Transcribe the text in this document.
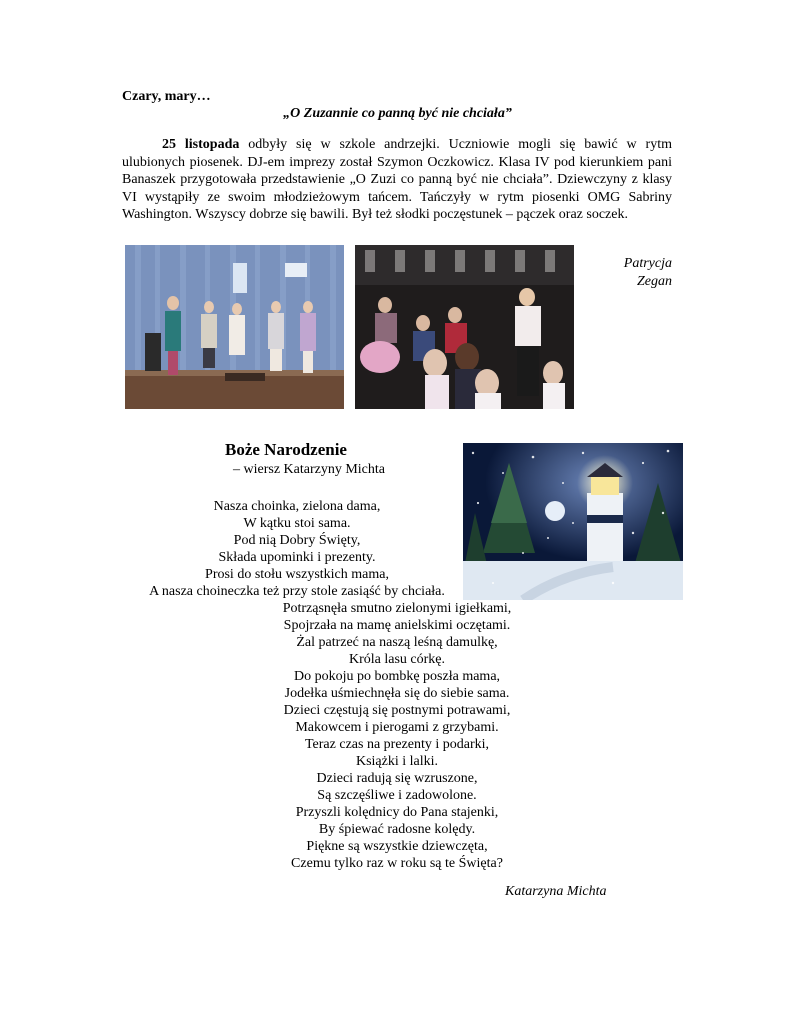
Czary, mary…
„O Zuzannie co panną być nie chciała”
25 listopada odbyły się w szkole andrzejki. Uczniowie mogli się bawić w rytm ulubionych piosenek. DJ-em imprezy został Szymon Oczkowicz. Klasa IV pod kierunkiem pani Banaszek przygotowała przedstawienie „O Zuzi co panną być nie chciała”. Dziewczyny z klasy VI wystąpiły ze swoim młodzieżowym tańcem. Tańczyły w rytm piosenki OMG Sabriny Washington. Wszyscy dobrze się bawili. Był też słodki poczęstunek – pączek oraz soczek.
Patrycja
Zegan
Boże Narodzenie
– wiersz Katarzyny Michta
Nasza choinka, zielona dama,
W kątku stoi sama.
Pod nią Dobry Święty,
Składa upominki i prezenty.
Prosi do stołu wszystkich mama,
A nasza choineczka też przy stole zasiąść by chciała.
Potrząsnęła smutno zielonymi igiełkami,
Spojrzała na mamę anielskimi oczętami.
Żal patrzeć na naszą leśną damulkę,
Króla lasu córkę.
Do pokoju po bombkę poszła mama,
Jodełka uśmiechnęła się do siebie sama.
Dzieci częstują się postnymi potrawami,
Makowcem i pierogami z grzybami.
Teraz czas na prezenty i podarki,
Książki i lalki.
Dzieci radują się wzruszone,
Są szczęśliwe i zadowolone.
Przyszli kolędnicy do Pana stajenki,
By śpiewać radosne kolędy.
Piękne są wszystkie dziewczęta,
Czemu tylko raz w roku są te Święta?
Katarzyna Michta
